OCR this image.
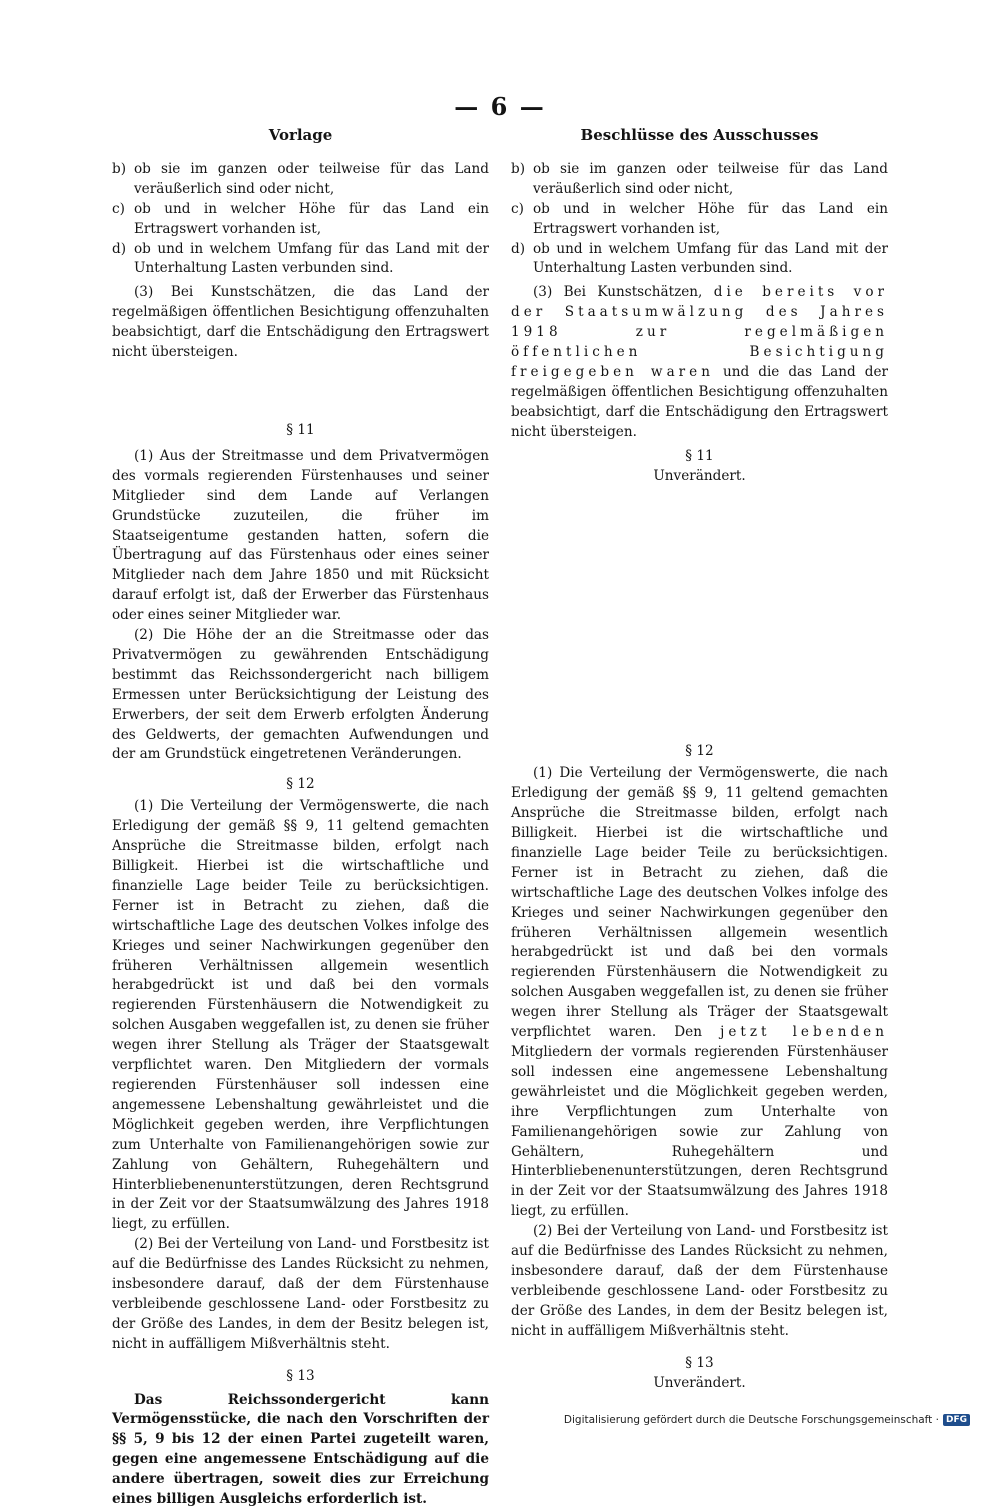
— 6 —
Vorlage
b) ob sie im ganzen oder teilweise für das Land veräußerlich sind oder nicht,
c) ob und in welcher Höhe für das Land ein Ertragswert vorhanden ist,
d) ob und in welchem Umfang für das Land mit der Unterhaltung Lasten verbunden sind.

(3) Bei Kunstschätzen, die das Land der regelmäßigen öffentlichen Besichtigung offenzuhalten beabsichtigt, darf die Entschädigung den Ertragswert nicht übersteigen.

§ 11

(1) Aus der Streitmasse und dem Privatvermögen des vormals regierenden Fürstenhauses und seiner Mitglieder sind dem Lande auf Verlangen Grundstücke zuzuteilen, die früher im Staatseigentume gestanden hatten, sofern die Übertragung auf das Fürstenhaus oder eines seiner Mitglieder nach dem Jahre 1850 und mit Rücksicht darauf erfolgt ist, daß der Erwerber das Fürstenhaus oder eines seiner Mitglieder war.

(2) Die Höhe der an die Streitmasse oder das Privatvermögen zu gewährenden Entschädigung bestimmt das Reichssondergericht nach billigem Ermessen unter Berücksichtigung der Leistung des Erwerbers, der seit dem Erwerb erfolgten Änderung des Geldwerts, der gemachten Aufwendungen und der am Grundstück eingetretenen Veränderungen.

§ 12

(1) Die Verteilung der Vermögenswerte, die nach Erledigung der gemäß §§ 9, 11 geltend gemachten Ansprüche die Streitmasse bilden, erfolgt nach Billigkeit. Hierbei ist die wirtschaftliche und finanzielle Lage beider Teile zu berücksichtigen. Ferner ist in Betracht zu ziehen, daß die wirtschaftliche Lage des deutschen Volkes infolge des Krieges und seiner Nachwirkungen gegenüber den früheren Verhältnissen allgemein wesentlich herabgedrückt ist und daß bei den vormals regierenden Fürstenhäusern die Notwendigkeit zu solchen Ausgaben weggefallen ist, zu denen sie früher wegen ihrer Stellung als Träger der Staatsgewalt verpflichtet waren. Den Mitgliedern der vormals regierenden Fürstenhäuser soll indessen eine angemessene Lebenshaltung gewährleistet und die Möglichkeit gegeben werden, ihre Verpflichtungen zum Unterhalte von Familienangehörigen sowie zur Zahlung von Gehältern, Ruhegehältern und Hinterbliebenenunterstützungen, deren Rechtsgrund in der Zeit vor der Staatsumwälzung des Jahres 1918 liegt, zu erfüllen.

(2) Bei der Verteilung von Land- und Forstbesitz ist auf die Bedürfnisse des Landes Rücksicht zu nehmen, insbesondere darauf, daß der dem Fürstenhause verbleibende geschlossene Land- oder Forstbesitz zu der Größe des Landes, in dem der Besitz belegen ist, nicht in auffälligem Mißverhältnis steht.

§ 13

Das Reichssondergericht kann Vermögensstücke, die nach den Vorschriften der §§ 5, 9 bis 12 der einen Partei zugeteilt waren, gegen eine angemessene Entschädigung auf die andere übertragen, soweit dies zur Erreichung eines billigen Ausgleichs erforderlich ist.

Beschlüsse des Ausschusses
b) ob sie im ganzen oder teilweise für das Land veräußerlich sind oder nicht,
c) ob und in welcher Höhe für das Land ein Ertragswert vorhanden ist,
d) ob und in welchem Umfang für das Land mit der Unterhaltung Lasten verbunden sind.

(3) Bei Kunstschätzen, die bereits vor der Staatsumwälzung des Jahres 1918 zur regelmäßigen öffentlichen Besichtigung freigegeben waren und die das Land der regelmäßigen öffentlichen Besichtigung offenzuhalten beabsichtigt, darf die Entschädigung den Ertragswert nicht übersteigen.

§ 11
Unverändert.
§ 12

(1) Die Verteilung der Vermögenswerte, die nach Erledigung der gemäß §§ 9, 11 geltend gemachten Ansprüche die Streitmasse bilden, erfolgt nach Billigkeit. Hierbei ist die wirtschaftliche und finanzielle Lage beider Teile zu berücksichtigen. Ferner ist in Betracht zu ziehen, daß die wirtschaftliche Lage des deutschen Volkes infolge des Krieges und seiner Nachwirkungen gegenüber den früheren Verhältnissen allgemein wesentlich herabgedrückt ist und daß bei den vormals regierenden Fürstenhäusern die Notwendigkeit zu solchen Ausgaben weggefallen ist, zu denen sie früher wegen ihrer Stellung als Träger der Staatsgewalt verpflichtet waren. Den jetzt lebenden Mitgliedern der vormals regierenden Fürstenhäuser soll indessen eine angemessene Lebenshaltung gewährleistet und die Möglichkeit gegeben werden, ihre Verpflichtungen zum Unterhalte von Familienangehörigen sowie zur Zahlung von Gehältern, Ruhegehältern und Hinterbliebenenunterstützungen, deren Rechtsgrund in der Zeit vor der Staatsumwälzung des Jahres 1918 liegt, zu erfüllen.

(2) Bei der Verteilung von Land- und Forstbesitz ist auf die Bedürfnisse des Landes Rücksicht zu nehmen, insbesondere darauf, daß der dem Fürstenhause verbleibende geschlossene Land- oder Forstbesitz zu der Größe des Landes, in dem der Besitz belegen ist, nicht in auffälligem Mißverhältnis steht.

§ 13
Unverändert.
Digitalisierung gefördert durch die Deutsche Forschungsgemeinschaft · DFG
